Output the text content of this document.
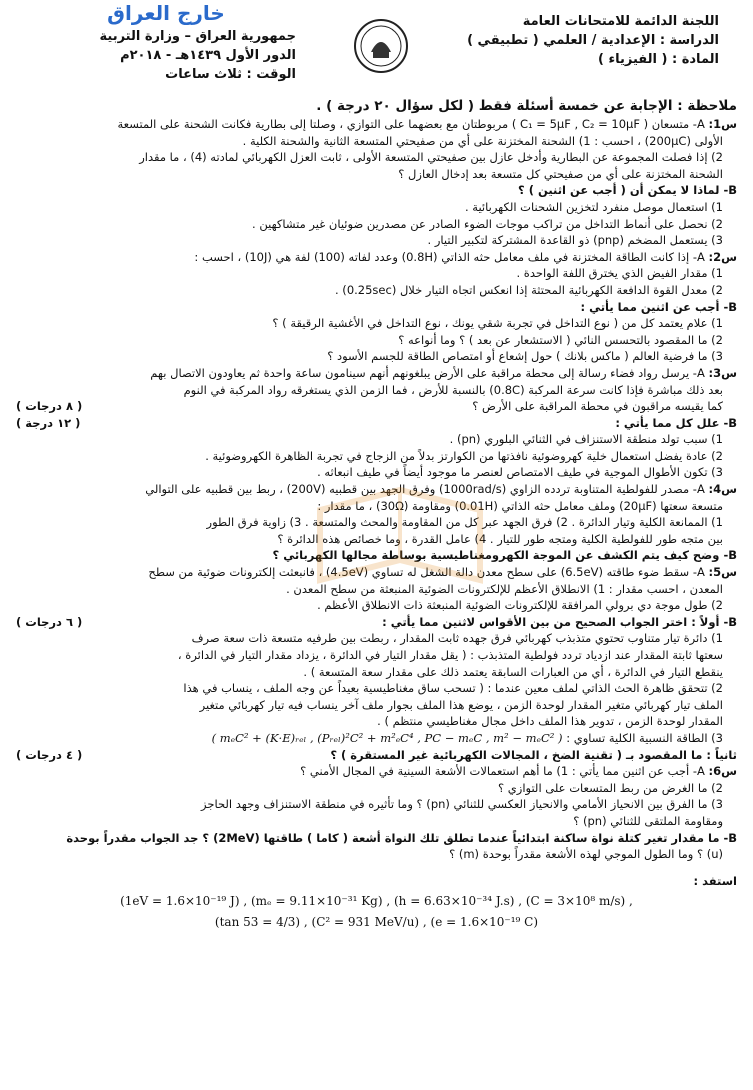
اللجنة الدائمة للامتحانات العامة
الدراسة : الإعدادية / العلمي ( تطبيقي )
المادة : ( الفيزياء )
خارج العراق
جمهورية العراق – وزارة التربية
الدور الأول ١٤٣٩هـ - ٢٠١٨م
الوقت : ثلاث ساعات
ملاحظة : الإجابة عن خمسة أسئلة فقط ( لكل سؤال ٢٠ درجة ) .
س1: A- متسعان ( C₁ = 5μF , C₂ = 10μF ) مربوطتان مع بعضهما على التوازي ، وصلتا إلى بطارية فكانت الشحنة على المتسعة
الأولى (200μC) ، احسب : 1) الشحنة المختزنة على أي من صفيحتي المتسعة الثانية والشحنة الكلية .
2) إذا فصلت المجموعة عن البطارية وأدخل عازل بين صفيحتي المتسعة الأولى ، ثابت العزل الكهربائي لمادته (4) ، ما مقدار
الشحنة المختزنة على أي من صفيحتي كل متسعة بعد إدخال العازل ؟
B- لماذا لا يمكن أن ( أجب عن اثنين ) ؟
1) استعمال موصل منفرد لتخزين الشحنات الكهربائية .
2) نحصل على أنماط التداخل من تراكب موجات الضوء الصادر عن مصدرين ضوئيان غير متشاكهين .
3) يستعمل المضخم (pnp) ذو القاعدة المشتركة لتكبير التيار .
س2: A- إذا كانت الطاقة المختزنة في ملف معامل حثه الذاتي (0.8H) وعدد لفاته (100) لفة هي (10J) ، احسب :
1) مقدار الفيض الذي يخترق اللفة الواحدة .
2) معدل القوة الدافعة الكهربائية المحتثة إذا انعكس اتجاه التيار خلال (0.25sec) .
B- أجب عن اثنين مما يأتي :
1) علام يعتمد كل من ( نوع التداخل في تجربة شقي يونك ، نوع التداخل في الأغشية الرقيقة ) ؟
2) ما المقصود بالتحسس النائي ( الاستشعار عن بعد ) ؟ وما أنواعه ؟
3) ما فرضية العالم ( ماكس بلانك ) حول إشعاع أو امتصاص الطاقة للجسم الأسود ؟
س3: A- يرسل رواد فضاء رسالة إلى محطة مراقبة على الأرض يبلغونهم أنهم سينامون ساعة واحدة ثم يعاودون الاتصال بهم
بعد ذلك مباشرة فإذا كانت سرعة المركبة (0.8C) بالنسبة للأرض ، فما الزمن الذي يستغرقه رواد المركبة في النوم
كما يقيسه مراقبون في محطة المراقبة على الأرض ؟
( ٨ درجات )
B- علل كل مما يأتي :
( ١٢ درجة )
1) سبب تولد منطقة الاستنزاف في الثنائي البلوري (pn) .
2) عادة يفضل استعمال خلية كهروضوئية نافذتها من الكوارتز بدلاً من الزجاج في تجربة الظاهرة الكهروضوئية .
3) تكون الأطوال الموجية في طيف الامتصاص لعنصر ما موجود أيضاً في طيف انبعاثه .
س4: A- مصدر للفولطية المتناوبة تردده الزاوي (1000rad/s) وفرق الجهد بين قطبيه (200V) ، ربط بين قطبيه على التوالي
متسعة سعتها (20μF) وملف معامل حثه الذاتي (0.01H) ومقاومة (30Ω) ، ما مقدار :
1) الممانعة الكلية وتيار الدائرة . 2) فرق الجهد عبر كل من المقاومة والمحث والمتسعة . 3) زاوية فرق الطور
بين متجه طور للفولطية الكلية ومتجه طور للتيار . 4) عامل القدرة ، وما خصائص هذه الدائرة ؟
B- وضح كيف يتم الكشف عن الموجة الكهرومغناطيسية بوساطة مجالها الكهربائي ؟
س5: A- سقط ضوء طاقته (6.5eV) على سطح معدن دالة الشغل له تساوي (4.5eV) ، فانبعثت إلكترونات ضوئية من سطح
المعدن ، احسب مقدار : 1) الانطلاق الأعظم للإلكترونات الضوئية المنبعثة من سطح المعدن .
2) طول موجة دي برولي المرافقة للإلكترونات الضوئية المنبعثة ذات الانطلاق الأعظم .
B- أولاً : اختر الجواب الصحيح من بين الأقواس لاثنين مما يأتي :
( ٦ درجات )
1) دائرة تيار متناوب تحتوي متذبذب كهربائي فرق جهده ثابت المقدار ، ربطت بين طرفيه متسعة ذات سعة صرف
سعتها ثابتة المقدار عند ازدياد تردد فولطية المتذبذب : ( يقل مقدار التيار في الدائرة ، يزداد مقدار التيار في الدائرة ،
ينقطع التيار في الدائرة ، أي من العبارات السابقة يعتمد ذلك على مقدار سعة المتسعة ) .
2) تتحقق ظاهرة الحث الذاتي لملف معين عندما : ( تسحب ساق مغناطيسية بعيداً عن وجه الملف ، ينساب في هذا
الملف تيار كهربائي متغير المقدار لوحدة الزمن ، يوضع هذا الملف بجوار ملف آخر ينساب فيه تيار كهربائي متغير
المقدار لوحدة الزمن ، تدوير هذا الملف داخل مجال مغناطيسي منتظم ) .
3) الطاقة النسبية الكلية تساوي : ( mₑC² + (K·E)ᵣₑₗ , (Pᵣₑₗ)²C² + m²ₑC⁴ , PC − mₑC , m² − mₑC² )
ثانياً : ما المقصود بـ ( تقنية الضخ ، المجالات الكهربائية غير المستقرة ) ؟
( ٤ درجات )
س6: A- أجب عن اثنين مما يأتي : 1) ما أهم استعمالات الأشعة السينية في المجال الأمني ؟
2) ما الغرض من ربط المتسعات على التوازي ؟
3) ما الفرق بين الانحياز الأمامي والانحياز العكسي للثنائي (pn) ؟ وما تأثيره في منطقة الاستنزاف وجهد الحاجز
ومقاومة الملتقى للثنائي (pn) ؟
B- ما مقدار تغير كتلة نواة ساكنة ابتدائياً عندما تطلق تلك النواة أشعة ( كاما ) طاقتها (2MeV) ؟ جد الجواب مقدراً بوحدة
(u) ؟ وما الطول الموجي لهذه الأشعة مقدراً بوحدة (m) ؟
استفد :
(1eV = 1.6×10⁻¹⁹ J) , (mₑ = 9.11×10⁻³¹ Kg) , (h = 6.63×10⁻³⁴ J.s) , (C = 3×10⁸ m/s) ,
(tan 53 = 4/3) , (C² = 931 MeV/u) , (e = 1.6×10⁻¹⁹ C)
